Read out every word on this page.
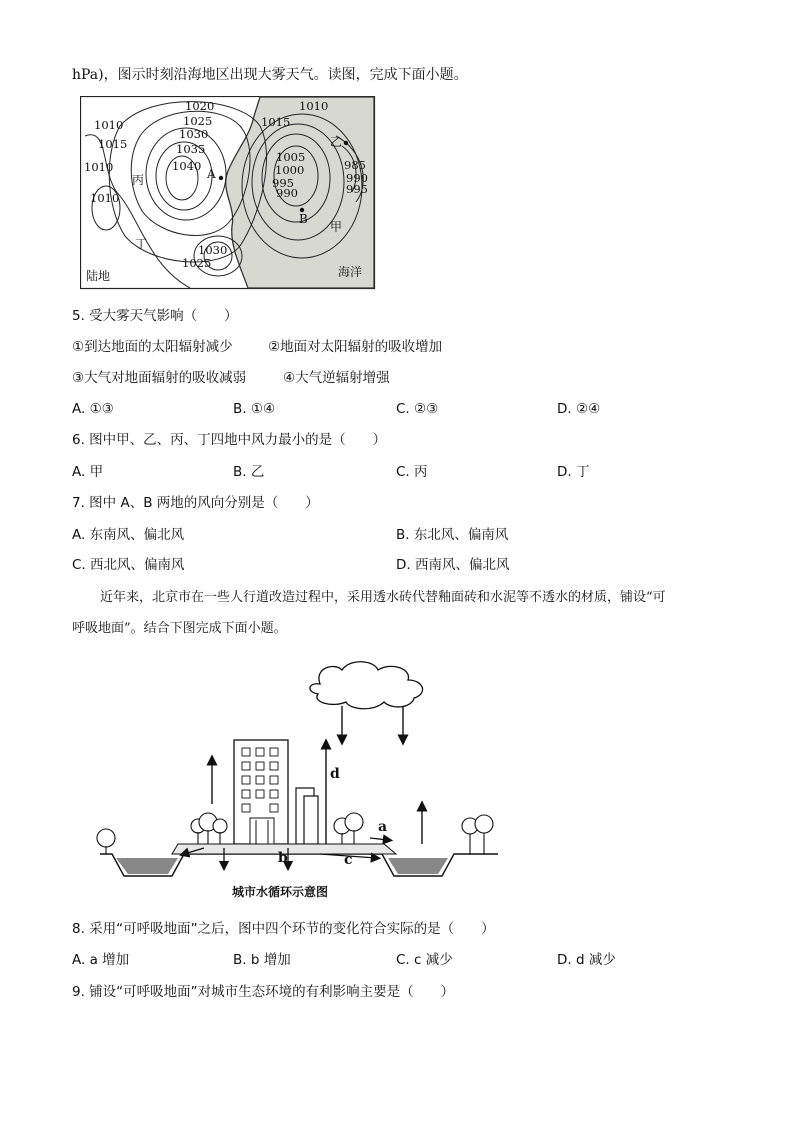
hPa)，图示时刻沿海地区出现大雾天气。读图，完成下面小题。
1020
1025
1030
1035
1040
1010
1015
1010
1010
1030
1025
1010
1015
1005
1000
995
990
985
990
995
A
B
乙
丙
丁
甲
陆地	海洋
5. 受大雾天气影响（　　）
①到达地面的太阳辐射减少	②地面对太阳辐射的吸收增加
③大气对地面辐射的吸收减弱	④大气逆辐射增强
A. ①③	B. ①④	C. ②③	D. ②④
6. 图中甲、乙、丙、丁四地中风力最小的是（　　）
A. 甲	B. 乙	C. 丙	D. 丁
7. 图中 A、B 两地的风向分别是（　　）
A. 东南风、偏北风	B. 东北风、偏南风
C. 西北风、偏南风	D. 西南风、偏北风
近年来，北京市在一些人行道改造过程中，采用透水砖代替釉面砖和水泥等不透水的材质，铺设“可
呼吸地面”。结合下图完成下面小题。
a
b	c
d
城市水循环示意图
8. 采用“可呼吸地面”之后，图中四个环节的变化符合实际的是（　　）
A. a 增加	B. b 增加	C. c 减少	D. d 减少
9. 铺设“可呼吸地面”对城市生态环境的有利影响主要是（　　）
